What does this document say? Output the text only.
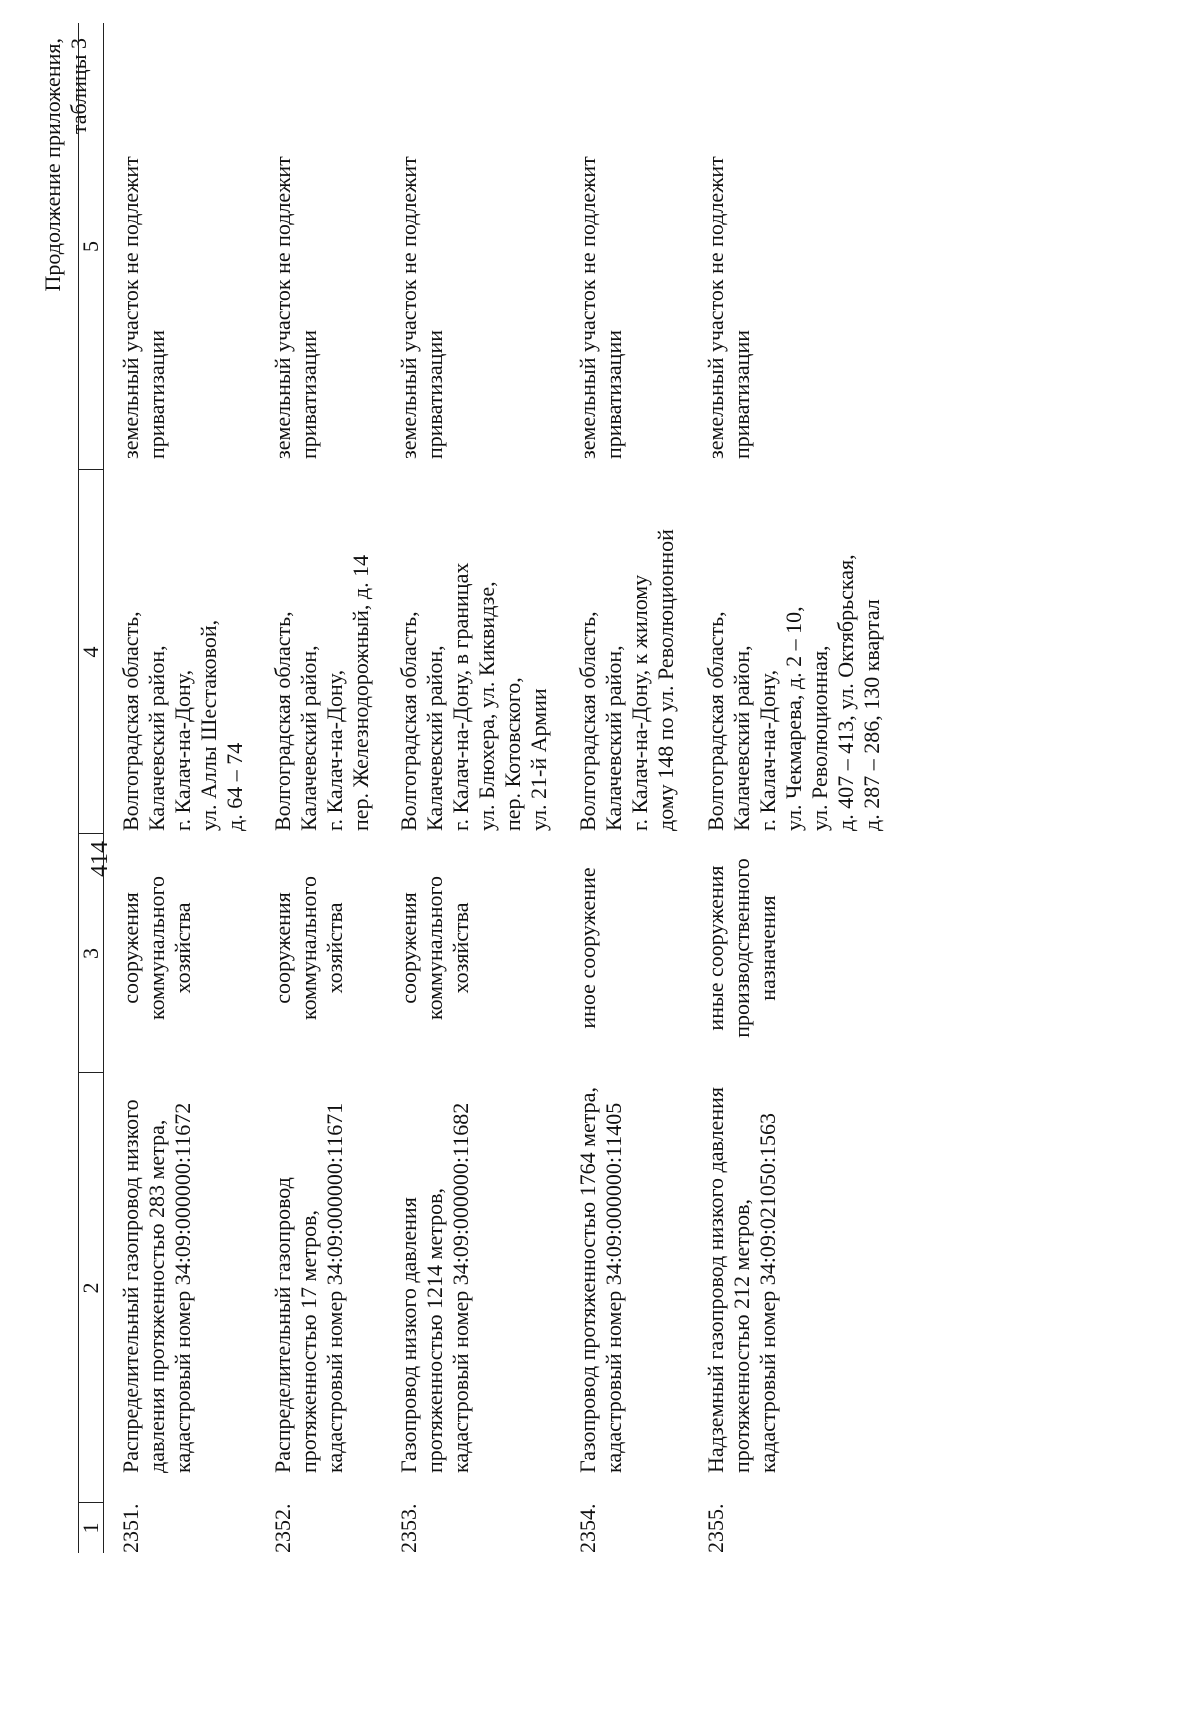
414
Продолжение приложения, таблицы 3
1
2
3
4
5
2351.
Распределительный газопровод низкого
давления протяженностью 283 метра,
кадастровый номер 34:09:000000:11672
сооружения
коммунального
хозяйства
Волгоградская область,
Калачевский район,
г. Калач-на-Дону,
ул. Аллы Шестаковой,
д. 64 – 74
земельный участок не подлежит
приватизации
2352.
Распределительный газопровод
протяженностью 17 метров,
кадастровый номер 34:09:000000:11671
сооружения
коммунального
хозяйства
Волгоградская область,
Калачевский район,
г. Калач-на-Дону,
пер. Железнодорожный, д. 14
земельный участок не подлежит
приватизации
2353.
Газопровод низкого давления
протяженностью 1214 метров,
кадастровый номер 34:09:000000:11682
сооружения
коммунального
хозяйства
Волгоградская область,
Калачевский район,
г. Калач-на-Дону, в границах
ул. Блюхера, ул. Киквидзе,
пер. Котовского,
ул. 21-й Армии
земельный участок не подлежит
приватизации
2354.
Газопровод протяженностью 1764 метра,
кадастровый номер 34:09:000000:11405
иное сооружение
Волгоградская область,
Калачевский район,
г. Калач-на-Дону, к жилому
дому 148 по ул. Революционной
земельный участок не подлежит
приватизации
2355.
Надземный газопровод низкого давления
протяженностью 212 метров,
кадастровый номер 34:09:021050:1563
иные сооружения
производственного
назначения
Волгоградская область,
Калачевский район,
г. Калач-на-Дону,
ул. Чекмарева, д. 2 – 10,
ул. Революционная,
д. 407 – 413, ул. Октябрьская,
д. 287 – 286, 130 квартал
земельный участок не подлежит
приватизации
